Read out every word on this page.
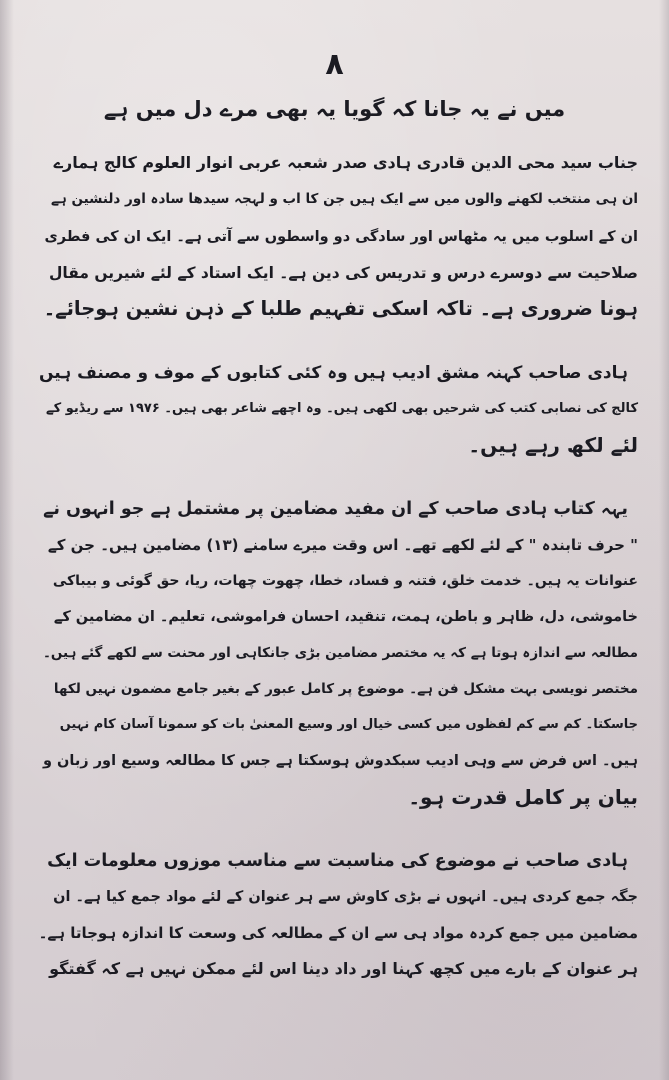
۸
میں نے یہ جانا کہ گویا یہ بھی مرے دل میں ہے
جناب سید محی الدین قادری ہادی صدر شعبہ عربی انوار العلوم کالج ہمارے
ان ہی منتخب لکھنے والوں میں سے ایک ہیں جن کا اب و لہجہ سیدھا سادہ اور دلنشین ہے
ان کے اسلوب میں یہ مٹھاس اور سادگی دو واسطوں سے آتی ہے۔ ایک ان کی فطری
صلاحیت سے دوسرے درس و تدریس کی دین ہے۔ ایک استاد کے لئے شیریں مقال
ہونا ضروری ہے۔ تاکہ اسکی تفہیم طلبا کے ذہن نشین ہوجائے۔
ہادی صاحب کہنہ مشق ادیب ہیں وہ کئی کتابوں کے موف و مصنف ہیں
کالج کی نصابی کتب کی شرحیں بھی لکھی ہیں۔ وہ اچھے شاعر بھی ہیں۔ ۱۹۷۶ سے ریڈیو کے
لئے لکھ رہے ہیں۔
یہہ کتاب ہادی صاحب کے ان مفید مضامین پر مشتمل ہے جو انہوں نے
" حرف تابندہ " کے لئے لکھے تھے۔ اس وقت میرے سامنے (۱۳) مضامین ہیں۔ جن کے
عنوانات یہ ہیں۔ خدمت خلق، فتنہ و فساد، خطا، چھوت چھات، ریا، حق گوئی و بیباکی
خاموشی، دل، ظاہر و باطن، ہمت، تنقید، احسان فراموشی، تعلیم۔ ان مضامین کے
مطالعہ سے اندازہ ہوتا ہے کہ یہ مختصر مضامین بڑی جانکاہی اور محنت سے لکھے گئے ہیں۔
مختصر نویسی بہت مشکل فن ہے۔ موضوع پر کامل عبور کے بغیر جامع مضمون نہیں لکھا
جاسکتا۔ کم سے کم لفظوں میں کسی خیال اور وسیع المعنیٰ بات کو سمونا آسان کام نہیں
ہیں۔ اس فرض سے وہی ادیب سبکدوش ہوسکتا ہے جس کا مطالعہ وسیع اور زبان و
بیان پر کامل قدرت ہو۔
ہادی صاحب نے موضوع کی مناسبت سے مناسب موزوں معلومات ایک
جگہ جمع کردی ہیں۔ انہوں نے بڑی کاوش سے ہر عنوان کے لئے مواد جمع کیا ہے۔ ان
مضامین میں جمع کردہ مواد ہی سے ان کے مطالعہ کی وسعت کا اندازہ ہوجاتا ہے۔
ہر عنوان کے بارے میں کچھ کہنا اور داد دینا اس لئے ممکن نہیں ہے کہ گفتگو
